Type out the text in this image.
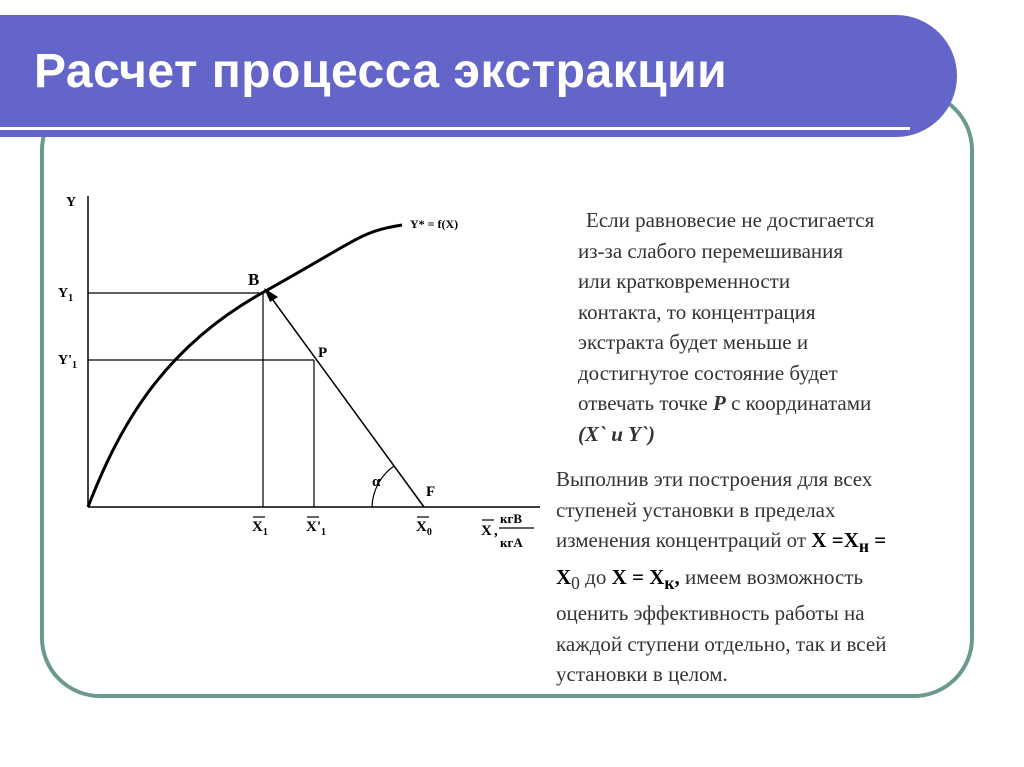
Расчет процесса экстракции
Y
$Y_1$
$Y'_1$
Y* = f(X)
B
P
F
α
$X_1$	$X'_1$	$X_0$	X ,
кгB
кгA
Если равновесие не достигается
из-за слабого перемешивания
или кратковременности
контакта, то концентрация
экстракта будет меньше и
достигнутое состояние будет
отвечать точке P с координатами
(X` и Y`)
Выполнив эти построения для всех
ступеней установки в пределах
изменения концентраций от $X =X_н$ =
$X_0$ до $X = X_к$, имеем возможность
оценить эффективность работы на
каждой ступени отдельно, так и всей
установки в целом.
